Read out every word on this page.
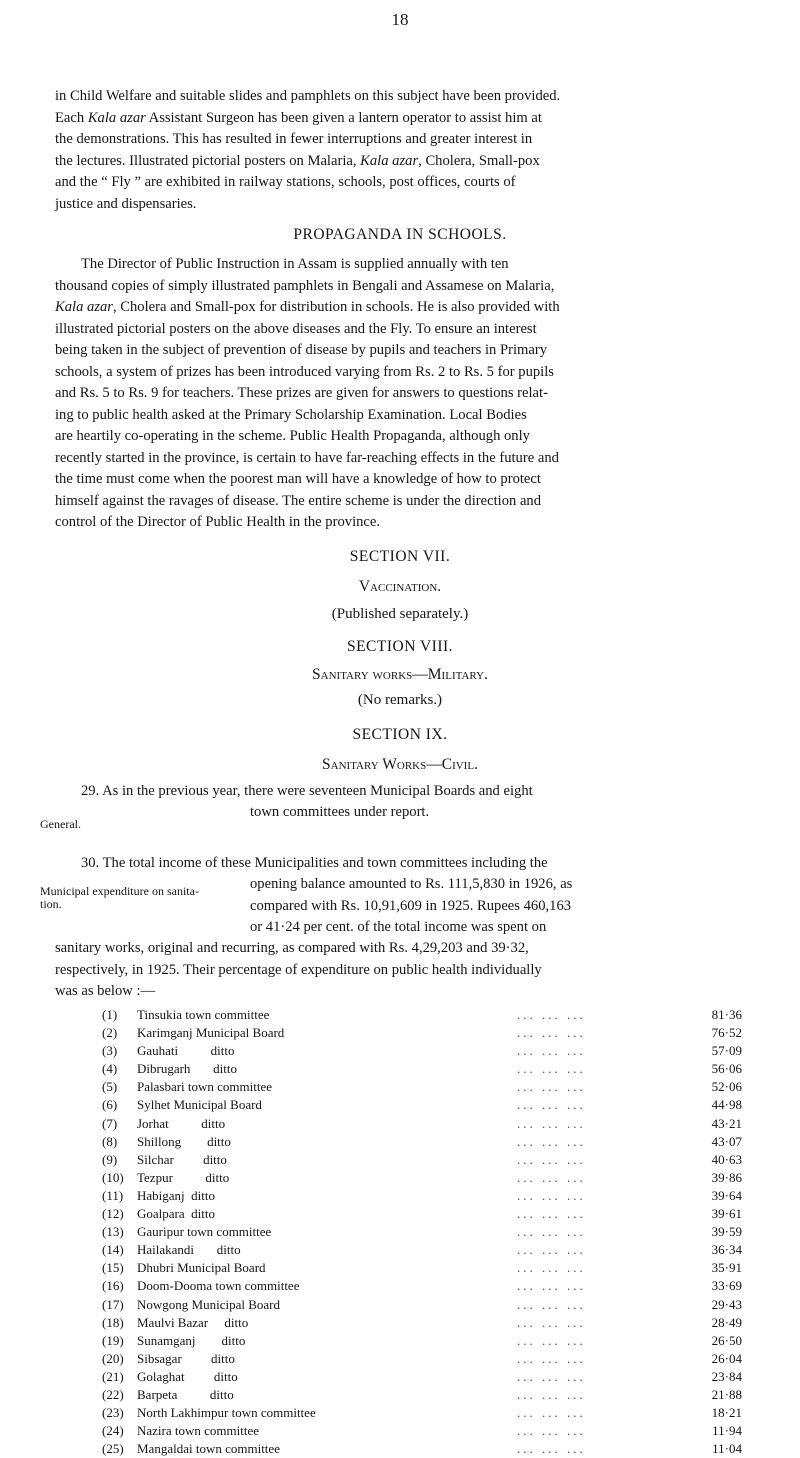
18
in Child Welfare and suitable slides and pamphlets on this subject have been provided.
Each Kala azar Assistant Surgeon has been given a lantern operator to assist him at
the demonstrations. This has resulted in fewer interruptions and greater interest in
the lectures. Illustrated pictorial posters on Malaria, Kala azar, Cholera, Small-pox
and the “ Fly ” are exhibited in railway stations, schools, post offices, courts of
justice and dispensaries.
PROPAGANDA IN SCHOOLS.
The Director of Public Instruction in Assam is supplied annually with ten
thousand copies of simply illustrated pamphlets in Bengali and Assamese on Malaria,
Kala azar, Cholera and Small-pox for distribution in schools. He is also provided with
illustrated pictorial posters on the above diseases and the Fly. To ensure an interest
being taken in the subject of prevention of disease by pupils and teachers in Primary
schools, a system of prizes has been introduced varying from Rs. 2 to Rs. 5 for pupils
and Rs. 5 to Rs. 9 for teachers. These prizes are given for answers to questions relat-
ing to public health asked at the Primary Scholarship Examination. Local Bodies
are heartily co-operating in the scheme. Public Health Propaganda, although only
recently started in the province, is certain to have far-reaching effects in the future and
the time must come when the poorest man will have a knowledge of how to protect
himself against the ravages of disease. The entire scheme is under the direction and
control of the Director of Public Health in the province.
SECTION VII.
Vaccination.
(Published separately.)
SECTION VIII.
Sanitary works—Military.
(No remarks.)
SECTION IX.
Sanitary Works—Civil.
29. As in the previous year, there were seventeen Municipal Boards and eight
town committees under report.
General.
30. The total income of these Municipalities and town committees including the
opening balance amounted to Rs. 111,5,830 in 1926, as
compared with Rs. 10,91,609 in 1925. Rupees 460,163
or 41·24 per cent. of the total income was spent on
Municipal expenditure on sanita-
tion.
sanitary works, original and recurring, as compared with Rs. 4,29,203 and 39·32,
respectively, in 1925. Their percentage of expenditure on public health individually
was as below :—
(1)	Tinsukia town committee	... ... ...	81·36
(2)	Karimganj Municipal Board	... ... ...	76·52
(3)	Gauhati          ditto	... ... ...	57·09
(4)	Dibrugarh       ditto	... ... ...	56·06
(5)	Palasbari town committee	... ... ...	52·06
(6)	Sylhet Municipal Board	... ... ...	44·98
(7)	Jorhat          ditto	... ... ...	43·21
(8)	Shillong        ditto	... ... ...	43·07
(9)	Silchar         ditto	... ... ...	40·63
(10)	Tezpur          ditto	... ... ...	39·86
(11)	Habiganj  ditto	... ... ...	39·64
(12)	Goalpara  ditto	... ... ...	39·61
(13)	Gauripur town committee	... ... ...	39·59
(14)	Hailakandi       ditto	... ... ...	36·34
(15)	Dhubri Municipal Board	... ... ...	35·91
(16)	Doom-Dooma town committee	... ... ...	33·69
(17)	Nowgong Municipal Board	... ... ...	29·43
(18)	Maulvi Bazar     ditto	... ... ...	28·49
(19)	Sunamganj        ditto	... ... ...	26·50
(20)	Sibsagar         ditto	... ... ...	26·04
(21)	Golaghat         ditto	... ... ...	23·84
(22)	Barpeta          ditto	... ... ...	21·88
(23)	North Lakhimpur town committee	... ... ...	18·21
(24)	Nazira town committee	... ... ...	11·94
(25)	Mangaldai town committee	... ... ...	11·04
